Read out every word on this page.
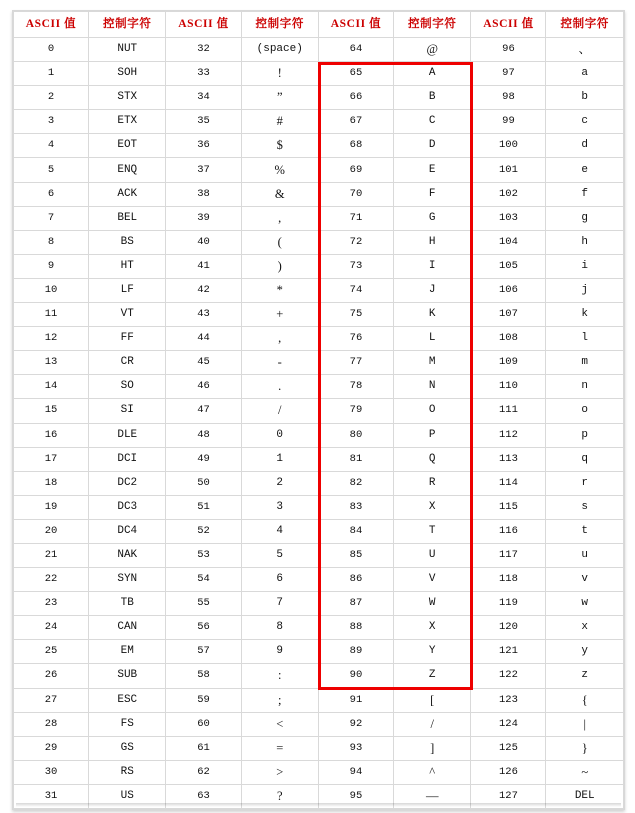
ASCII 值	控制字符	ASCII 值	控制字符	ASCII 值	控制字符	ASCII 值	控制字符
0	NUT	32	(space)	64	@	96	、
1	SOH	33	!	65	A	97	a
2	STX	34	”	66	B	98	b
3	ETX	35	#	67	C	99	c
4	EOT	36	$	68	D	100	d
5	ENQ	37	%	69	E	101	e
6	ACK	38	&	70	F	102	f
7	BEL	39	,	71	G	103	g
8	BS	40	(	72	H	104	h
9	HT	41	)	73	I	105	i
10	LF	42	*	74	J	106	j
11	VT	43	+	75	K	107	k
12	FF	44	,	76	L	108	l
13	CR	45	-	77	M	109	m
14	SO	46	.	78	N	110	n
15	SI	47	/	79	O	111	o
16	DLE	48	0	80	P	112	p
17	DCI	49	1	81	Q	113	q
18	DC2	50	2	82	R	114	r
19	DC3	51	3	83	X	115	s
20	DC4	52	4	84	T	116	t
21	NAK	53	5	85	U	117	u
22	SYN	54	6	86	V	118	v
23	TB	55	7	87	W	119	w
24	CAN	56	8	88	X	120	x
25	EM	57	9	89	Y	121	y
26	SUB	58	:	90	Z	122	z
27	ESC	59	;	91	[	123	{
28	FS	60	<	92	/	124	|
29	GS	61	=	93	]	125	}
30	RS	62	>	94	^	126	~
31	US	63	?	95	—	127	DEL
